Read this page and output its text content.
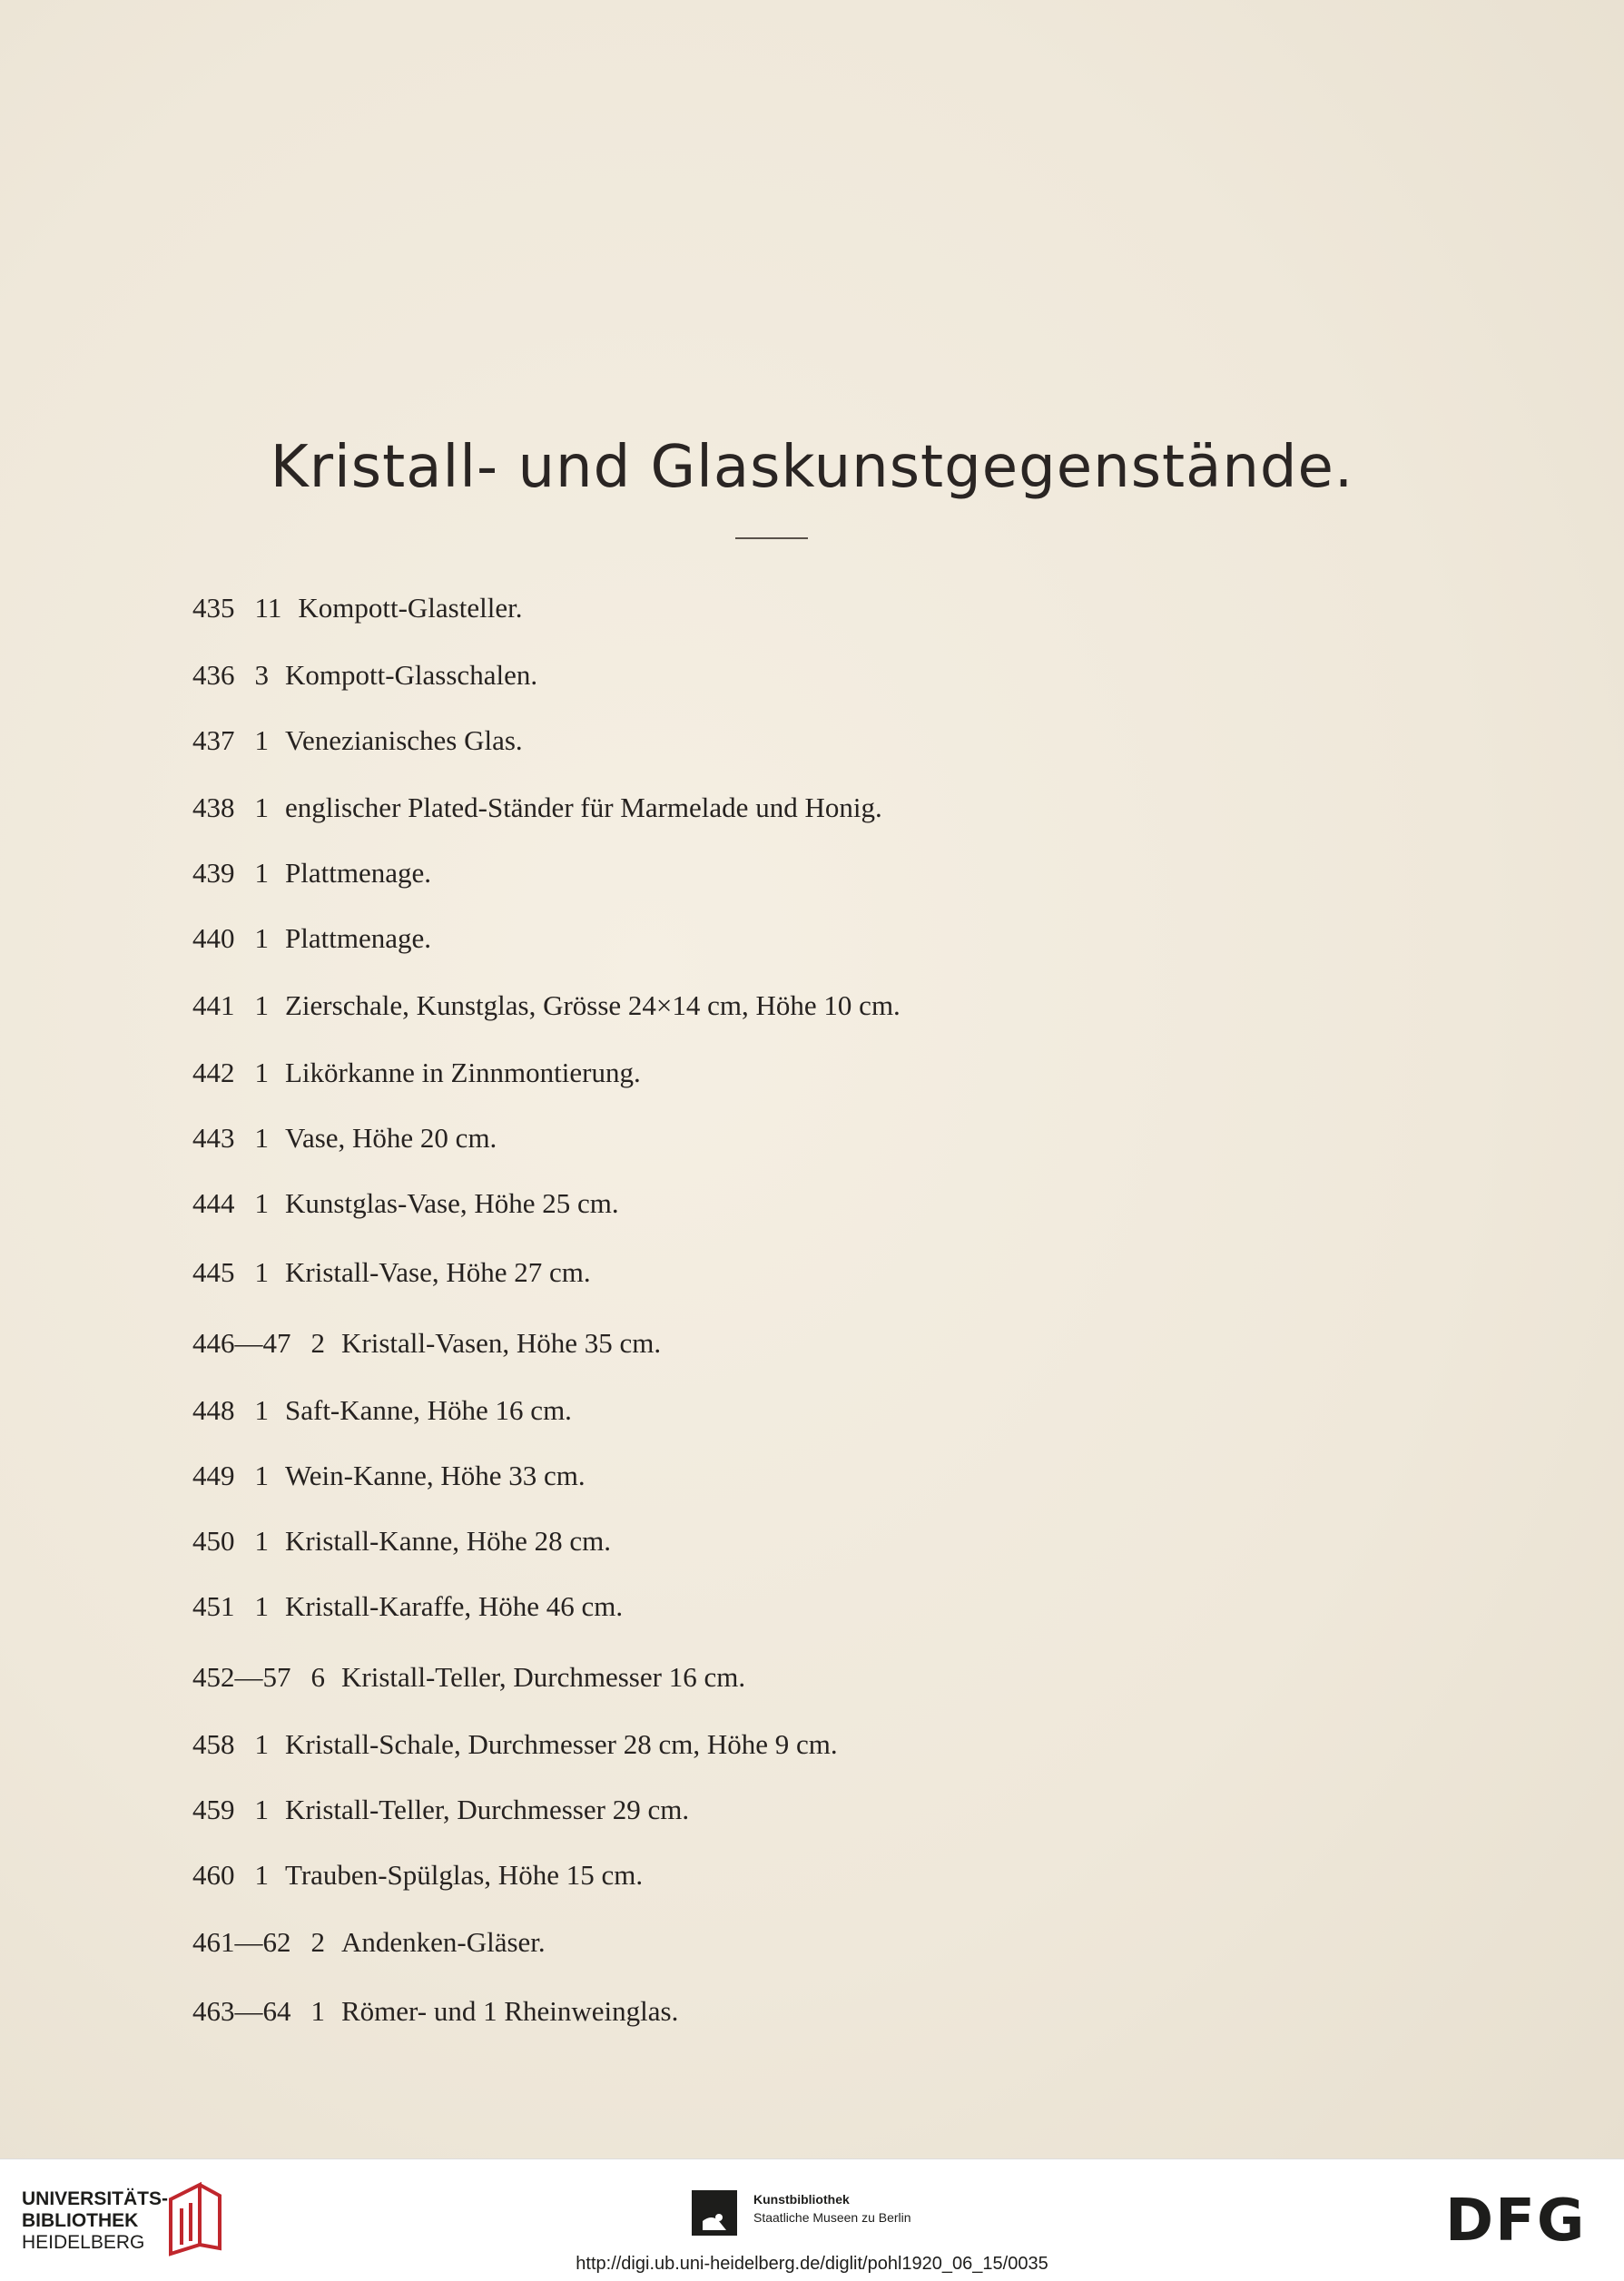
Kristall- und Glaskunstgegenstände.
435 11 Kompott-Glasteller.
436 3 Kompott-Glasschalen.
437 1 Venezianisches Glas.
438 1 englischer Plated-Ständer für Marmelade und Honig.
439 1 Plattmenage.
440 1 Plattmenage.
441 1 Zierschale, Kunstglas, Grösse 24×14 cm, Höhe 10 cm.
442 1 Likörkanne in Zinnmontierung.
443 1 Vase, Höhe 20 cm.
444 1 Kunstglas-Vase, Höhe 25 cm.
445 1 Kristall-Vase, Höhe 27 cm.
446—47 2 Kristall-Vasen, Höhe 35 cm.
448 1 Saft-Kanne, Höhe 16 cm.
449 1 Wein-Kanne, Höhe 33 cm.
450 1 Kristall-Kanne, Höhe 28 cm.
451 1 Kristall-Karaffe, Höhe 46 cm.
452—57 6 Kristall-Teller, Durchmesser 16 cm.
458 1 Kristall-Schale, Durchmesser 28 cm, Höhe 9 cm.
459 1 Kristall-Teller, Durchmesser 29 cm.
460 1 Trauben-Spülglas, Höhe 15 cm.
461—62 2 Andenken-Gläser.
463—64 1 Römer- und 1 Rheinweinglas.
UNIVERSITÄTS-
BIBLIOTHEK
HEIDELBERG
Kunstbibliothek
Staatliche Museen zu Berlin	DFG
http://digi.ub.uni-heidelberg.de/diglit/pohl1920_06_15/0035
